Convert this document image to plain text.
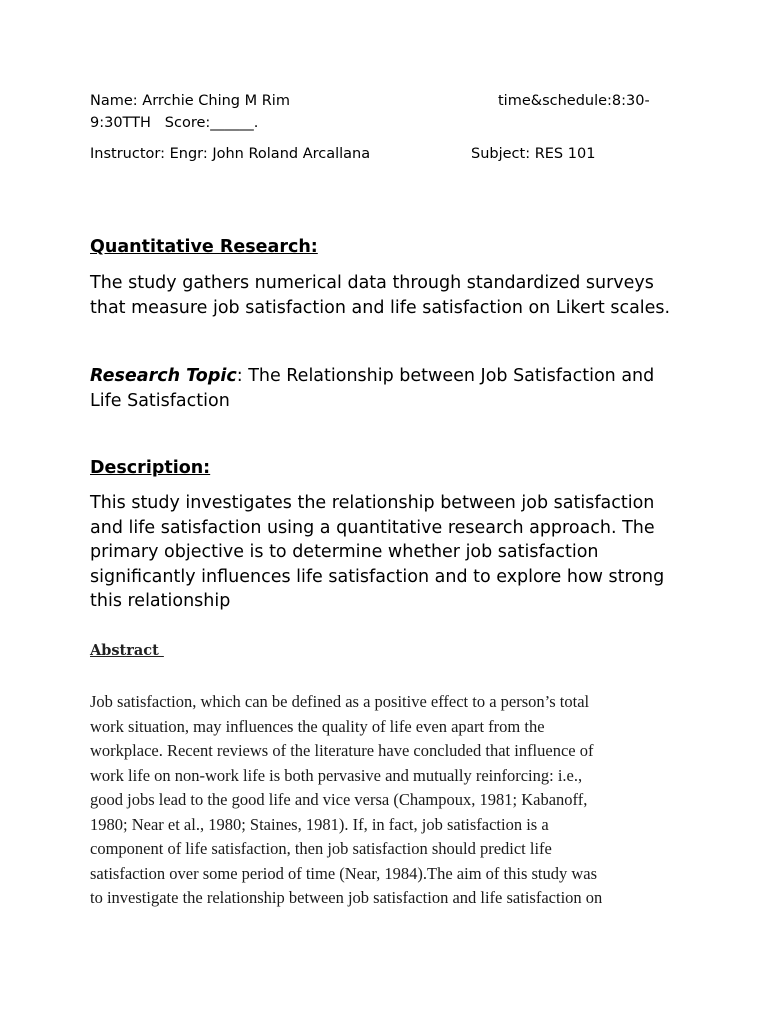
Name: Arrchie Ching M Rim	time&schedule:8:30-
9:30TTH Score:______.
Instructor: Engr: John Roland Arcallana	Subject: RES 101
Quantitative Research:
The study gathers numerical data through standardized surveys
that measure job satisfaction and life satisfaction on Likert scales.
Research Topic: The Relationship between Job Satisfaction and
Life Satisfaction
Description:
This study investigates the relationship between job satisfaction
and life satisfaction using a quantitative research approach. The
primary objective is to determine whether job satisfaction
significantly influences life satisfaction and to explore how strong
this relationship
Abstract
Job satisfaction, which can be defined as a positive effect to a person’s total
work situation, may influences the quality of life even apart from the
workplace. Recent reviews of the literature have concluded that influence of
work life on non-work life is both pervasive and mutually reinforcing: i.e.,
good jobs lead to the good life and vice versa (Champoux, 1981; Kabanoff,
1980; Near et al., 1980; Staines, 1981). If, in fact, job satisfaction is a
component of life satisfaction, then job satisfaction should predict life
satisfaction over some period of time (Near, 1984).The aim of this study was
to investigate the relationship between job satisfaction and life satisfaction on
